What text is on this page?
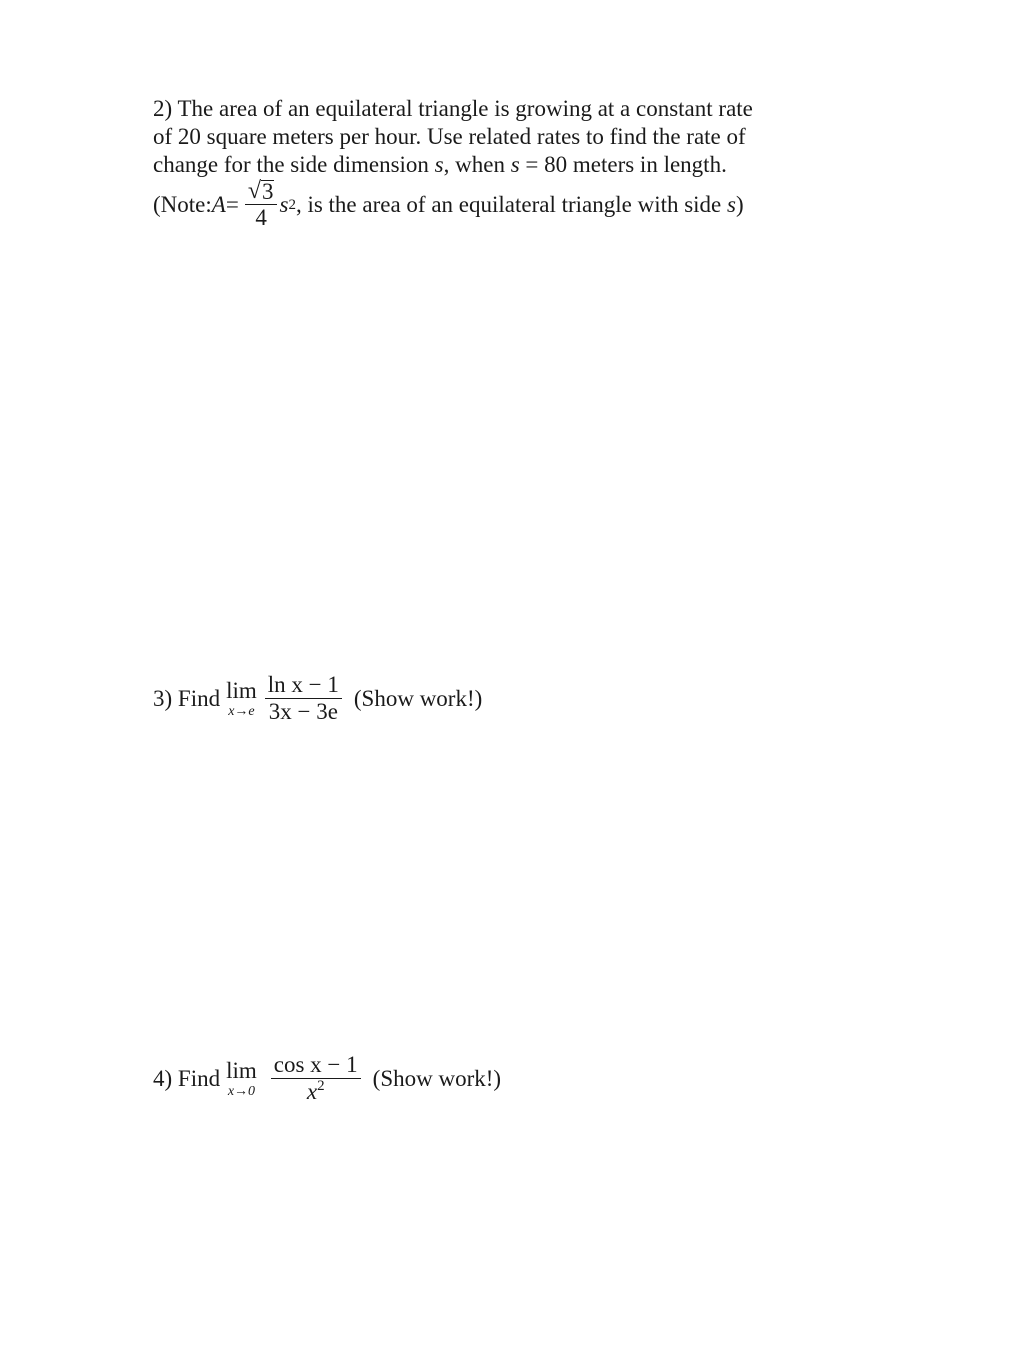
2) The area of an equilateral triangle is growing at a constant rate
of 20 square meters per hour. Use related rates to find the rate of
change for the side dimension s, when s = 80 meters in length.
(Note: $A = \frac{√ 3}{4}$ s 2 , is the area of an equilateral triangle with side s )
3) Find lim
$x\to e \frac{\text{ln x − 1}}{3x - 3e}$ (Show work!)
4) Find lim
$x\to 0 \frac{\text{cos x − 1}}{x^2}$ (Show work!)
